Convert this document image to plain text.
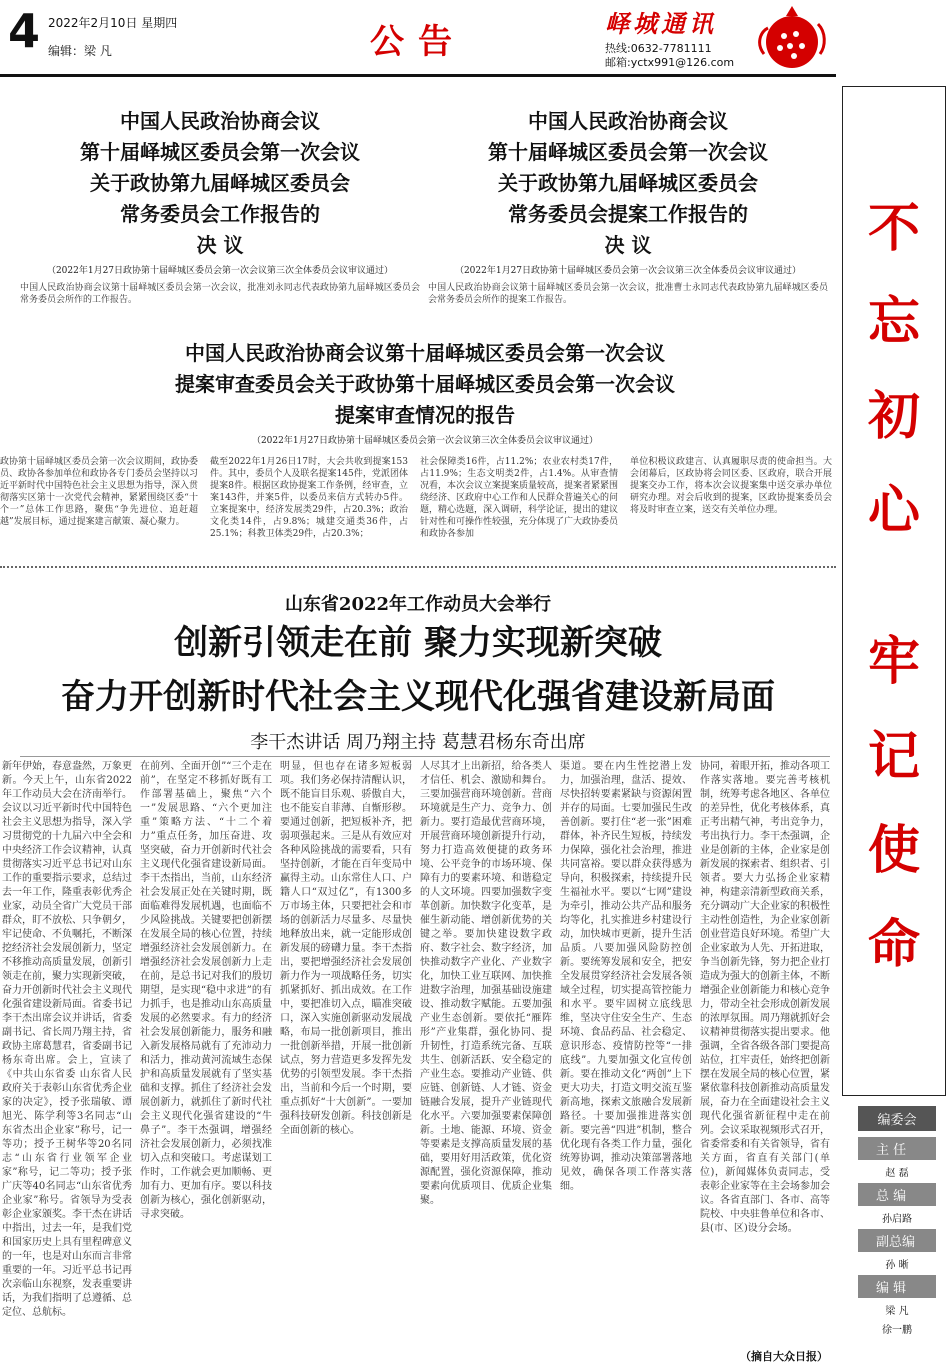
4 2022年2月10日 星期四
编辑：梁 凡	公告	峄城通讯
热线:0632-7781111
邮箱:yctx991@126.com
不
忘
初
心
牢
记
使
命
编委会
主 任
赵 磊
总 编
孙启路
副总编
孙 晰
编 辑
梁 凡
徐一鹏
中国人民政治协商会议
第十届峄城区委员会第一次会议
关于政协第九届峄城区委员会
常务委员会工作报告的
决 议
（2022年1月27日政协第十届峄城区委员会第一次会议第三次全体委员会议审议通过）
中国人民政治协商会议第十届峄城区委员会第一次会议，批准刘永同志代表政协第九届峄城区委员会常务委员会所作的工作报告。
中国人民政治协商会议
第十届峄城区委员会第一次会议
关于政协第九届峄城区委员会
常务委员会提案工作报告的
决 议
（2022年1月27日政协第十届峄城区委员会第一次会议第三次全体委员会议审议通过）
中国人民政治协商会议第十届峄城区委员会第一次会议，批准曹士永同志代表政协第九届峄城区委员会常务委员会所作的提案工作报告。
中国人民政治协商会议第十届峄城区委员会第一次会议
提案审查委员会关于政协第十届峄城区委员会第一次会议
提案审查情况的报告
（2022年1月27日政协第十届峄城区委员会第一次会议第三次全体委员会议审议通过）
政协第十届峄城区委员会第一次会议期间，政协委员、政协各参加单位和政协各专门委员会坚持以习近平新时代中国特色社会主义思想为指导，深入贯彻落实区第十一次党代会精神，紧紧围绕区委“十个一”总体工作思路，聚焦“争先进位、追赶超越”发展目标，通过提案建言献策、凝心聚力。
截至2022年1月26日17时，大会共收到提案153件。其中，委员个人及联名提案145件，党派团体提案8件。根据区政协提案工作条例，经审查，立案143件，并案5件，以委员来信方式转办5件。立案提案中，经济发展类29件，占20.3%；政治文化类14件，占9.8%；城建交通类36件，占25.1%；科教卫体类29件，占20.3%；
社会保障类16件，占11.2%；农业农村类17件，占11.9%；生态文明类2件，占1.4%。从审查情况看，本次会议立案提案质量较高，提案者紧紧围绕经济、区政府中心工作和人民群众普遍关心的问题，精心选题，深入调研，科学论证，提出的建议针对性和可操作性较强，充分体现了广大政协委员和政协各参加
单位积极议政建言、认真履职尽责的使命担当。大会闭幕后，区政协将会同区委、区政府，联合开展提案交办工作，将本次会议提案集中送交承办单位研究办理。对会后收到的提案，区政协提案委员会将及时审查立案，送交有关单位办理。
山东省2022年工作动员大会举行
创新引领走在前 聚力实现新突破
奋力开创新时代社会主义现代化强省建设新局面
李干杰讲话 周乃翔主持 葛慧君杨东奇出席
新年伊始，春意盎然，万象更新。今天上午，山东省2022年工作动员大会在济南举行。会议以习近平新时代中国特色社会主义思想为指导，深入学习贯彻党的十九届六中全会和中央经济工作会议精神，认真贯彻落实习近平总书记对山东工作的重要指示要求，总结过去一年工作，隆重表彰优秀企业家，动员全省广大党员干部群众，盯不放松、只争朝夕，牢记使命、不负嘱托，不断深挖经济社会发展创新力，坚定不移推动高质量发展，创新引领走在前，聚力实现新突破，奋力开创新时代社会主义现代化强省建设新局面。省委书记李干杰出席会议并讲话，省委副书记、省长周乃翔主持，省政协主席葛慧君，省委副书记杨东奇出席。会上，宣读了《中共山东省委 山东省人民政府关于表彰山东省优秀企业家的决定》，授予张瑞敏、谭旭光、陈学利等3名同志“山东省杰出企业家”称号，记一等功；授予王树华等20名同志“山东省行业领军企业家”称号，记二等功；授予张广庆等40名同志“山东省优秀企业家”称号。省领导为受表彰企业家颁奖。李干杰在讲话中指出，过去一年，是我们党和国家历史上具有里程碑意义的一年，也是对山东而言非常重要的一年。习近平总书记再次亲临山东视察，发表重要讲话，为我们指明了总遵循、总定位、总航标。
在前列、全面开创”“三个走在前”，在坚定不移抓好既有工作部署基础上，聚焦“六个一”发展思路、“六个更加注重”策略方法、“十二个着力”重点任务，加压奋进、攻坚突破，奋力开创新时代社会主义现代化强省建设新局面。李干杰指出，当前，山东经济社会发展正处在关键时期，既面临难得发展机遇，也面临不少风险挑战。关键要把创新摆在发展全局的核心位置，持续增强经济社会发展创新力。在增强经济社会发展创新力上走在前，是总书记对我们的殷切期望，是实现“稳中求进”的有力抓手，也是推动山东高质量发展的必然要求。有力的经济社会发展创新能力，服务和融入新发展格局就有了充沛动力和活力，推动黄河流域生态保护和高质量发展就有了坚实基础和支撑。抓住了经济社会发展创新力，就抓住了新时代社会主义现代化强省建设的“牛鼻子”。李干杰强调，增强经济社会发展创新力，必须找准切入点和突破口。考虑谋划工作时，工作就会更加顺畅、更加有力、更加有序。要以科技创新为核心，强化创新驱动，寻求突破。
明显，但也存在诸多短板弱项。我们务必保持清醒认识，既不能盲目乐观、骄傲自大，也不能妄自菲薄、自惭形秽。要通过创新，把短板补齐，把弱项强起来。三是从有效应对各种风险挑战的需要看，只有坚持创新，才能在百年变局中赢得主动。山东常住人口、户籍人口“双过亿”，有1300多万市场主体，只要把社会和市场的创新活力尽量多、尽量快地释放出来，就一定能形成创新发展的磅礴力量。李干杰指出，要把增强经济社会发展创新力作为一项战略任务，切实抓紧抓好、抓出成效。在工作中，要把准切入点，瞄准突破口，深入实施创新驱动发展战略，布局一批创新项目，推出一批创新举措，开展一批创新试点，努力营造更多发挥先发优势的引领型发展。李干杰指出，当前和今后一个时期，要重点抓好“十大创新”。一要加强科技研发创新。科技创新是全面创新的核心。
人尽其才上出新招，给各类人才信任、机会、激励和舞台。三要加强营商环境创新。营商环境就是生产力、竞争力、创新力。要打造最优营商环境，开展营商环境创新提升行动，努力打造高效便捷的政务环境、公平竞争的市场环境、保障有力的要素环境、和谐稳定的人文环境。四要加强数字变革创新。加快数字化变革，是催生新动能、增创新优势的关键之举。要加快建设数字政府、数字社会、数字经济，加快推动数字产业化、产业数字化，加快工业互联网、加快推进数字治理，加强基础设施建设、推动数字赋能。五要加强产业生态创新。要依托“雁阵形”产业集群，强化协同、提升韧性，打造系统完备、互联共生、创新活跃、安全稳定的产业生态。要推动产业链、供应链、创新链、人才链、资金链融合发展，提升产业链现代化水平。六要加强要素保障创新。土地、能源、环境、资金等要素是支撑高质量发展的基础，要用好用活政策，优化资源配置，强化资源保障，推动要素向优质项目、优质企业集聚。
渠道。要在内生性挖潜上发力，加强治理，盘活、提效、尽快招转要素紧缺与资源闲置并存的局面。七要加强民生改善创新。要打住“老一张”困难群体，补齐民生短板，持续发力保障，强化社会治理，推进共同富裕。要以群众获得感为导向，积极探索，持续提升民生福祉水平。要以“七网”建设为牵引，推动公共产品和服务均等化，扎实推进乡村建设行动，加快城市更新，提升生活品质。八要加强风险防控创新。要统筹发展和安全，把安全发展贯穿经济社会发展各领域全过程，切实提高管控能力和水平。要牢固树立底线思维，坚决守住安全生产、生态环境、食品药品、社会稳定、意识形态、疫情防控等“一排底线”。九要加强文化宣传创新。要在推动文化“两创”上下更大功夫，打造文明交流互鉴新高地，探索文旅融合发展新路径。十要加强推进落实创新。要完善“四进”机制，整合优化现有各类工作力量，强化统筹协调，推动决策部署落地见效，确保各项工作落实落细。
协同，着眼开拓，推动各项工作落实落地。要完善考核机制，统筹考虑各地区、各单位的差异性，优化考核体系，真正考出精气神，考出竞争力，考出执行力。李干杰强调，企业是创新的主体，企业家是创新发展的探索者、组织者、引领者。要大力弘扬企业家精神，构建亲清新型政商关系，充分调动广大企业家的积极性主动性创造性，为企业家创新创业营造良好环境。希望广大企业家敢为人先、开拓进取，争当创新先锋，努力把企业打造成为强大的创新主体，不断增强企业创新能力和核心竞争力，带动全社会形成创新发展的浓厚氛围。周乃翔就抓好会议精神贯彻落实提出要求。他强调，全省各级各部门要提高站位，扛牢责任，始终把创新摆在发展全局的核心位置，紧紧依靠科技创新推动高质量发展，奋力在全面建设社会主义现代化强省新征程中走在前列。会议采取视频形式召开，省委常委和有关省领导，省有关方面，省直有关部门(单位)，新闻媒体负责同志，受表彰企业家等在主会场参加会议。各省直部门、各市、高等院校、中央驻鲁单位和各市、县(市、区)设分会场。
（摘自大众日报）
